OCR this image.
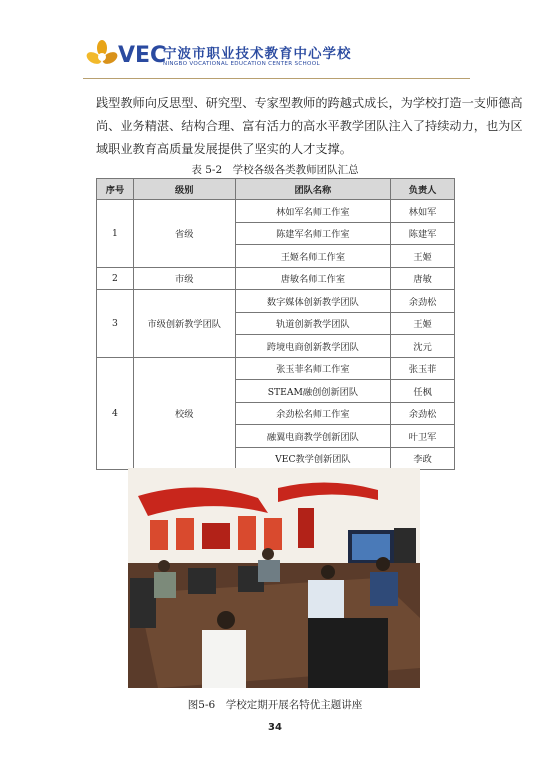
VEC
宁波市职业技术教育中心学校
NINGBO VOCATIONAL EDUCATION CENTER SCHOOL
践型教师向反思型、研究型、专家型教师的跨越式成长，为学校打造一支师德高
尚、业务精湛、结构合理、富有活力的高水平教学团队注入了持续动力，也为区
域职业教育高质量发展提供了坚实的人才支撑。
表 5-2　学校各级各类教师团队汇总
序号	级别	团队名称	负责人
1	省级	林如军名师工作室	林如军
		陈建军名师工作室	陈建军
		王姬名师工作室	王姬
2	市级	唐敏名师工作室	唐敏
3	市级创新教学团队	数字媒体创新教学团队	余劲松
		轨道创新教学团队	王姬
		跨境电商创新教学团队	沈元
4	校级	张玉菲名师工作室	张玉菲
		STEAM融创创新团队	任枫
		余劲松名师工作室	余劲松
		融翼电商教学创新团队	叶卫军
		VEC教学创新团队	李政
图5-6　学校定期开展名特优主题讲座
34
